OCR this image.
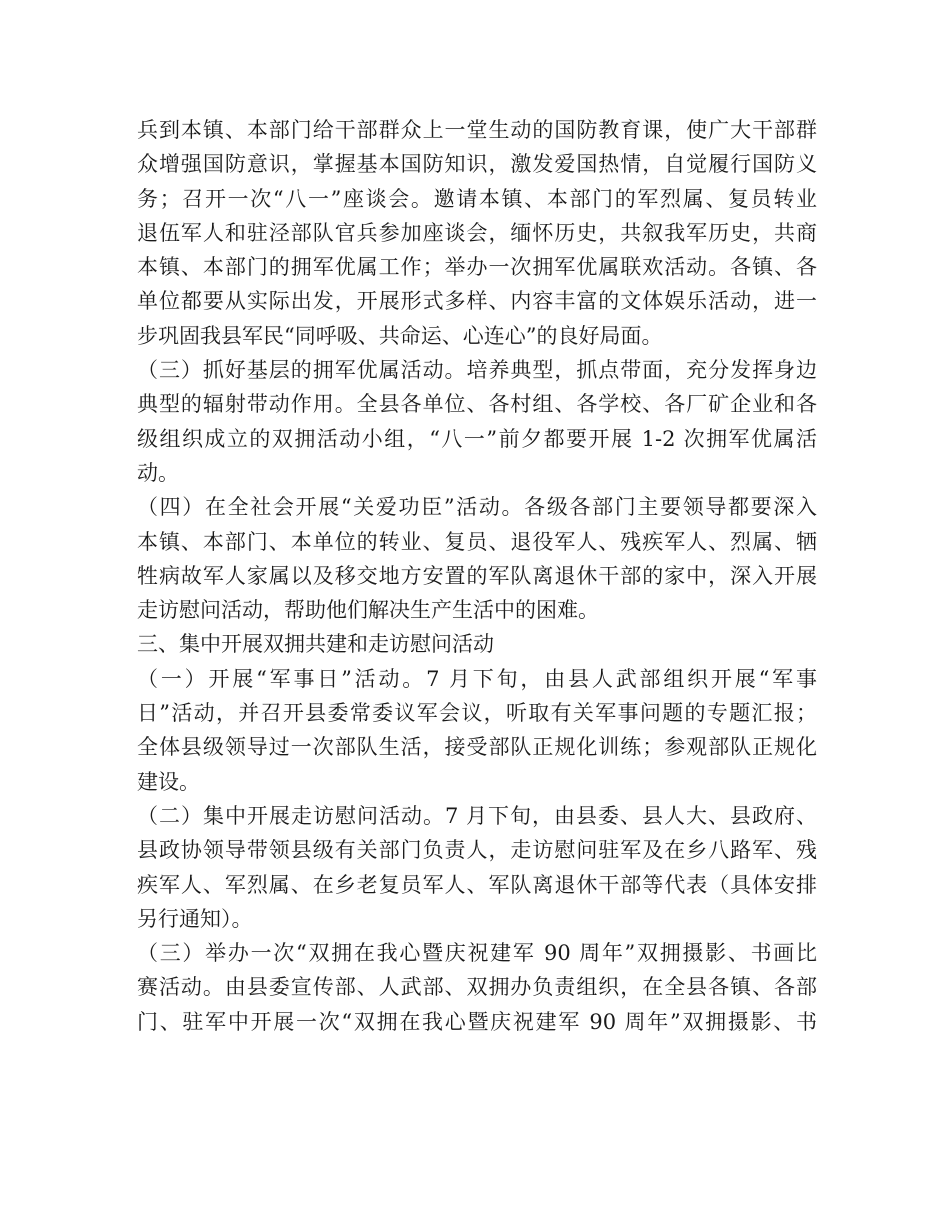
兵到本镇、本部门给干部群众上一堂生动的国防教育课，使广大干部群
众增强国防意识，掌握基本国防知识，激发爱国热情，自觉履行国防义
务；召开一次“八一”座谈会。邀请本镇、本部门的军烈属、复员转业
退伍军人和驻泾部队官兵参加座谈会，缅怀历史，共叙我军历史，共商
本镇、本部门的拥军优属工作；举办一次拥军优属联欢活动。各镇、各
单位都要从实际出发，开展形式多样、内容丰富的文体娱乐活动，进一
步巩固我县军民“同呼吸、共命运、心连心”的良好局面。
（三）抓好基层的拥军优属活动。培养典型，抓点带面，充分发挥身边
典型的辐射带动作用。全县各单位、各村组、各学校、各厂矿企业和各
级组织成立的双拥活动小组，“八一”前夕都要开展 1-2 次拥军优属活
动。
（四）在全社会开展“关爱功臣”活动。各级各部门主要领导都要深入
本镇、本部门、本单位的转业、复员、退役军人、残疾军人、烈属、牺
牲病故军人家属以及移交地方安置的军队离退休干部的家中，深入开展
走访慰问活动，帮助他们解决生产生活中的困难。
三、集中开展双拥共建和走访慰问活动
（一）开展“军事日”活动。7 月下旬，由县人武部组织开展“军事
日”活动，并召开县委常委议军会议，听取有关军事问题的专题汇报；
全体县级领导过一次部队生活，接受部队正规化训练；参观部队正规化
建设。
（二）集中开展走访慰问活动。7 月下旬，由县委、县人大、县政府、
县政协领导带领县级有关部门负责人，走访慰问驻军及在乡八路军、残
疾军人、军烈属、在乡老复员军人、军队离退休干部等代表（具体安排
另行通知）。
（三）举办一次“双拥在我心暨庆祝建军 90 周年”双拥摄影、书画比
赛活动。由县委宣传部、人武部、双拥办负责组织，在全县各镇、各部
门、驻军中开展一次“双拥在我心暨庆祝建军 90 周年”双拥摄影、书
